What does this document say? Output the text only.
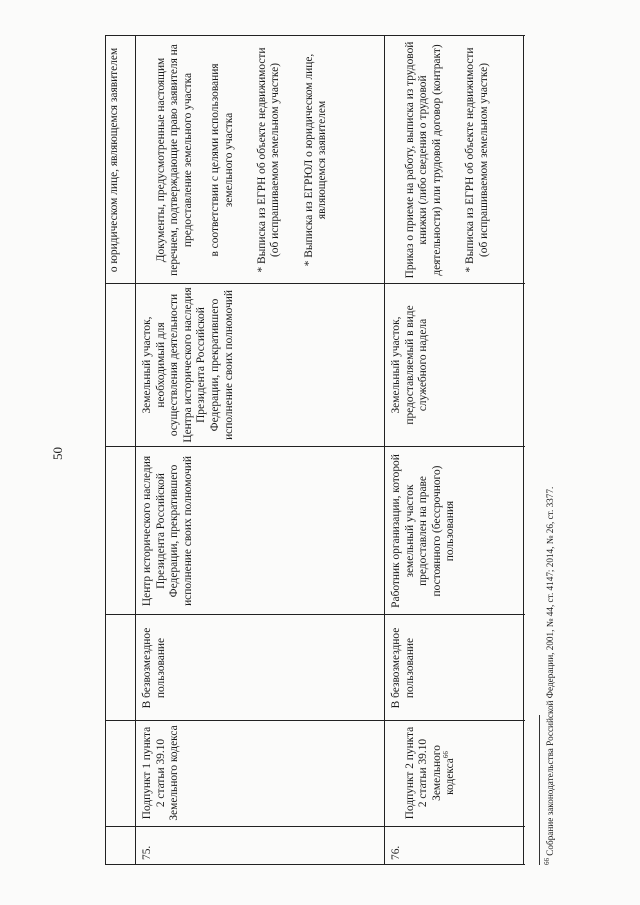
50
о юридическом лице, являющемся заявителем
75.
Подпункт 1 пункта 2 статьи 39.10 Земельного кодекса
В безвозмездное пользование
Центр исторического наследия Президента Российской Федерации, прекратившего исполнение своих полномочий
Земельный участок, необходимый для осуществления деятельности Центра исторического наследия Президента Российской Федерации, прекратившего исполнение своих полномочий

Документы, предусмотренные настоящим перечнем, подтверждающие право заявителя на предоставление земельного участка в соответствии с целями использования земельного участка * Выписка из ЕГРН об объекте недвижимости (об испрашиваемом земельном участке) * Выписка из ЕГРЮЛ о юридическом лице, являющемся заявителем

76.

Подпункт 2 пункта 2 статьи 39.10 Земельного кодекса$^{66}$

В безвозмездное пользование
Работник организации, которой земельный участок предоставлен на праве постоянного (бессрочного) пользования
Земельный участок, предоставляемый в виде служебного надела

Приказ о приеме на работу, выписка из трудовой книжки (либо сведения о трудовой деятельности) или трудовой договор (контракт) * Выписка из ЕГРН об объекте недвижимости (об испрашиваемом земельном участке)

$^{66}$ Собрание законодательства Российской Федерации, 2001, № 44, ст. 4147; 2014, № 26, ст. 3377.
